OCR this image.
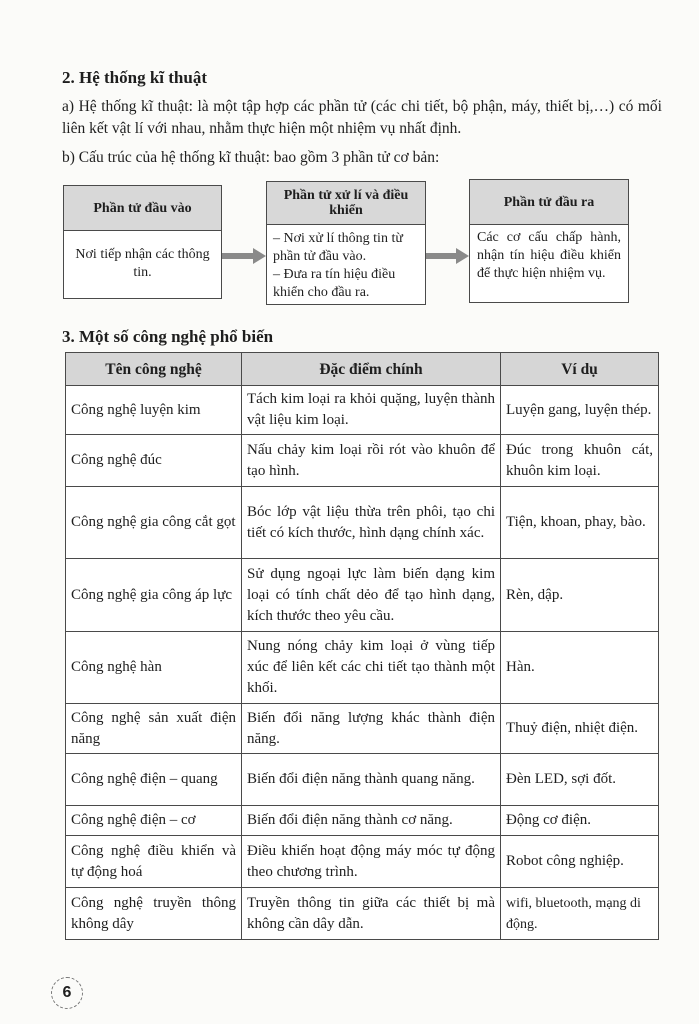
2. Hệ thống kĩ thuật
a) Hệ thống kĩ thuật: là một tập hợp các phần tử (các chi tiết, bộ phận, máy, thiết bị,…) có mối liên kết vật lí với nhau, nhằm thực hiện một nhiệm vụ nhất định.
b) Cấu trúc của hệ thống kĩ thuật: bao gồm 3 phần tử cơ bản:
Phần tử đầu vào
Nơi tiếp nhận các thông tin.
Phần tử xử lí và điều khiển
– Nơi xử lí thông tin từ phần tử đầu vào.
– Đưa ra tín hiệu điều khiển cho đầu ra.
Phần tử đầu ra
Các cơ cấu chấp hành, nhận tín hiệu điều khiển để thực hiện nhiệm vụ.
3. Một số công nghệ phổ biến
Tên công nghệ	Đặc điểm chính	Ví dụ
Công nghệ luyện kim	Tách kim loại ra khỏi quặng, luyện thành vật liệu kim loại.	Luyện gang, luyện thép.
Công nghệ đúc	Nấu chảy kim loại rồi rót vào khuôn để tạo hình.	Đúc trong khuôn cát, khuôn kim loại.
Công nghệ gia công cắt gọt	Bóc lớp vật liệu thừa trên phôi, tạo chi tiết có kích thước, hình dạng chính xác.	Tiện, khoan, phay, bào.
Công nghệ gia công áp lực	Sử dụng ngoại lực làm biến dạng kim loại có tính chất dẻo để tạo hình dạng, kích thước theo yêu cầu.	Rèn, dập.
Công nghệ hàn	Nung nóng chảy kim loại ở vùng tiếp xúc để liên kết các chi tiết tạo thành một khối.	Hàn.
Công nghệ sản xuất điện năng	Biến đổi năng lượng khác thành điện năng.	Thuỷ điện, nhiệt điện.
Công nghệ điện – quang	Biến đổi điện năng thành quang năng.	Đèn LED, sợi đốt.
Công nghệ điện – cơ	Biến đổi điện năng thành cơ năng.	Động cơ điện.
Công nghệ điều khiển và tự động hoá	Điều khiển hoạt động máy móc tự động theo chương trình.	Robot công nghiệp.
Công nghệ truyền thông không dây	Truyền thông tin giữa các thiết bị mà không cần dây dẫn.	wifi, bluetooth, mạng di động.
6
